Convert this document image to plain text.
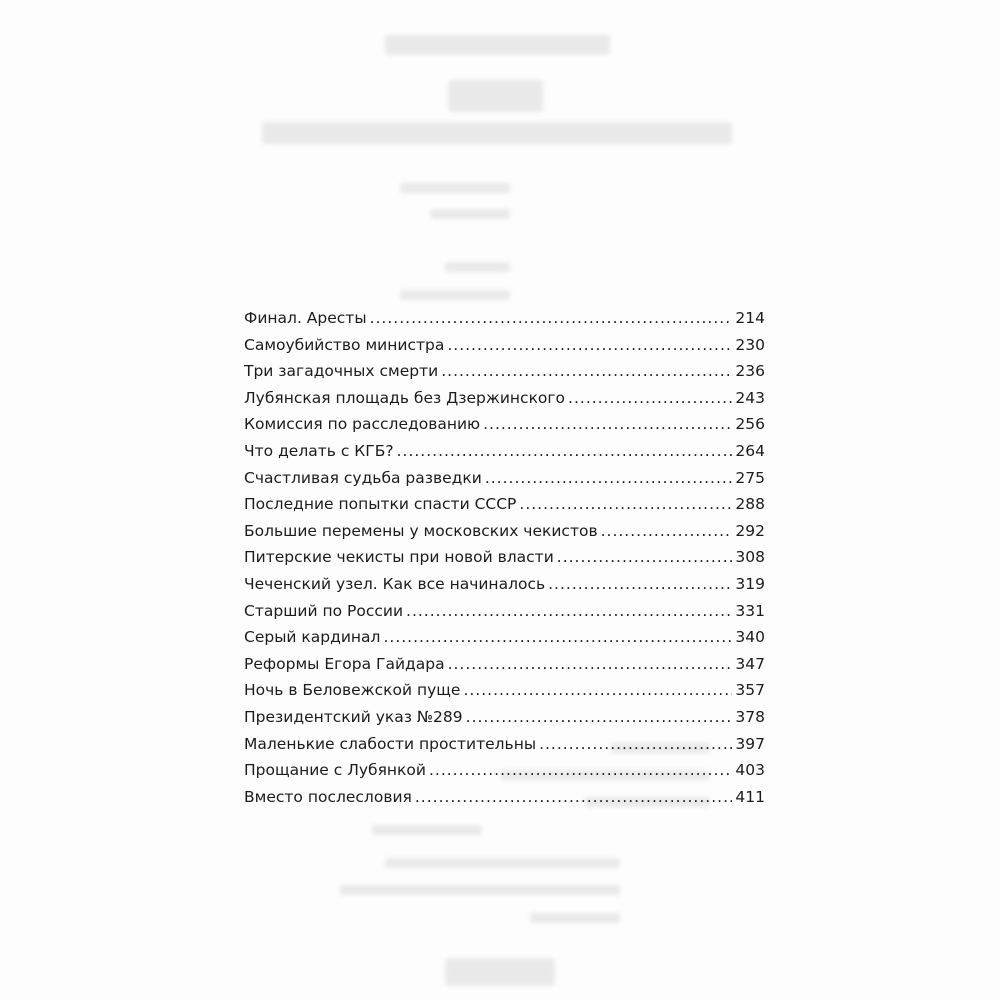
Финал. Аресты .....	214
Самоубийство министра .....	230
Три загадочных смерти .....	236
Лубянская площадь без Дзержинского .....	243
Комиссия по расследованию .....	256
Что делать с КГБ? .....	264
Счастливая судьба разведки .....	275
Последние попытки спасти СССР .....	288
Большие перемены у московских чекистов .....	292
Питерские чекисты при новой власти .....	308
Чеченский узел. Как все начиналось .....	319
Старший по России .....	331
Серый кардинал .....	340
Реформы Егора Гайдара .....	347
Ночь в Беловежской пуще .....	357
Президентский указ №289 .....	378
Маленькие слабости простительны .....	397
Прощание с Лубянкой .....	403
Вместо послесловия .....	411
